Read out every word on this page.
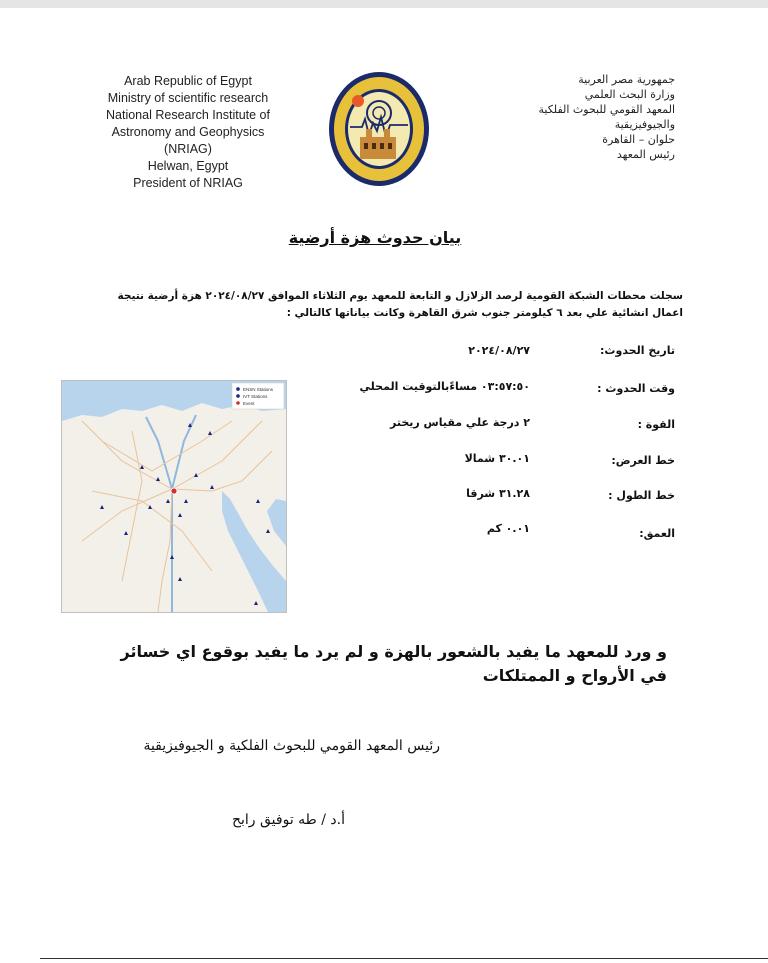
Arab Republic of Egypt
Ministry of scientific research
National Research Institute of
Astronomy and Geophysics
(NRIAG)
Helwan, Egypt
President of NRIAG
جمهورية مصر العربية
وزارة البحث العلمي
المعهد القومي للبحوث الفلكية
والجيوفيزيقية
حلوان – القاهرة
رئيس المعهد
بيان حدوث هزة أرضية
سجلت محطات الشبكة القومية لرصد الزلازل و التابعة للمعهد يوم الثلاثاء الموافق ٢٠٢٤/٠٨/٢٧ هزة أرضية نتيجة
اعمال انشائية علي بعد ٦ كيلومتر جنوب شرق القاهرة وكانت بياناتها كالتالي :
تاريخ الحدوث:
٢٠٢٤/٠٨/٢٧
وقت الحدوث :
٠٣:٥٧:٥٠ مساءًبالتوقيت المحلي
القوة :
٢ درجة علي مقياس ريختر
خط العرض:
٣٠.٠١ شمالا
خط الطول :
٣١.٢٨ شرقا
العمق:
٠.٠١ كم
ENSN Stations
IVT Stations
Event
و ورد للمعهد ما يفيد بالشعور بالهزة و لم يرد ما يفيد بوقوع اي خسائر في الأرواح و الممتلكات
رئيس المعهد القومي للبحوث الفلكية و الجيوفيزيقية
أ.د / طه توفيق رابح
